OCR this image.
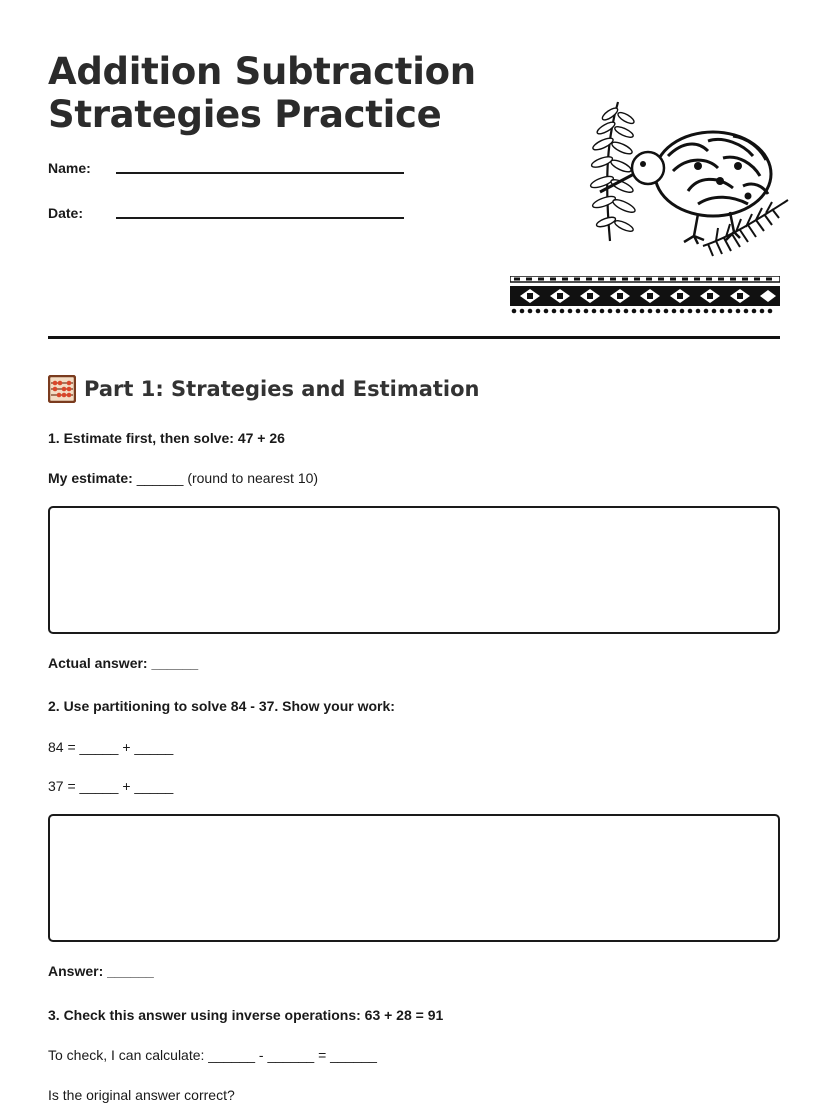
Addition Subtraction
Strategies Practice
Name:
Date:
Part 1: Strategies and Estimation
1. Estimate first, then solve: 47 + 26
My estimate: ______ (round to nearest 10)
Actual answer: ______
2. Use partitioning to solve 84 - 37. Show your work:
84 = _____ + _____
37 = _____ + _____
Answer: ______
3. Check this answer using inverse operations: 63 + 28 = 91
To check, I can calculate: ______ - ______ = ______
Is the original answer correct?
